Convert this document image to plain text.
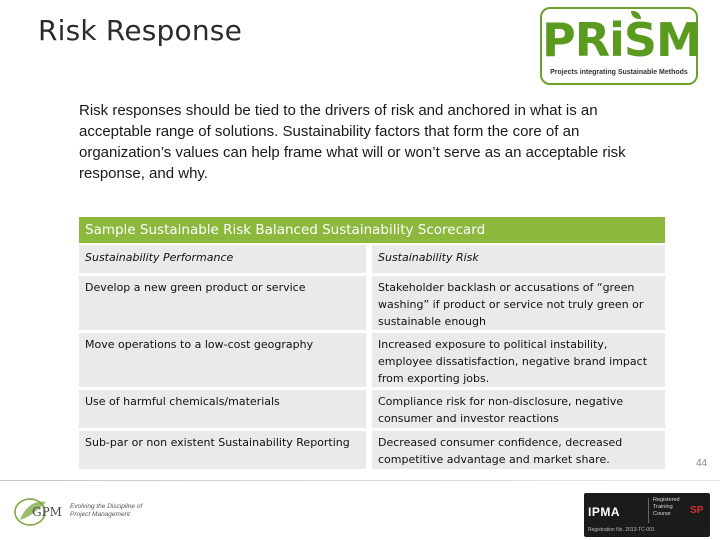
Risk Response	PRiSM
Projects integrating Sustainable Methods
Risk responses should be tied to the drivers of risk and anchored in what is an acceptable range of solutions. Sustainability factors that form the core of an organization’s values can help frame what will or won’t serve as an acceptable risk response, and why.
Sample Sustainable Risk Balanced Sustainability Scorecard
Sustainability Performance	Sustainability Risk
Develop a new green product or service	Stakeholder backlash or accusations of “green washing” if product or service not truly green or sustainable enough
Move operations to a low-cost geography	Increased exposure to political instability, employee dissatisfaction, negative brand impact from exporting jobs.
Use of harmful chemicals/materials	Compliance risk for non-disclosure, negative consumer and investor reactions
Sub-par or non existent Sustainability Reporting	Decreased consumer confidence, decreased competitive advantage and market share.	44
GPM Evolving the Discipline of Project Management	IPMA
Registered Training Course	SP
Registration No. 2013-TC-001
